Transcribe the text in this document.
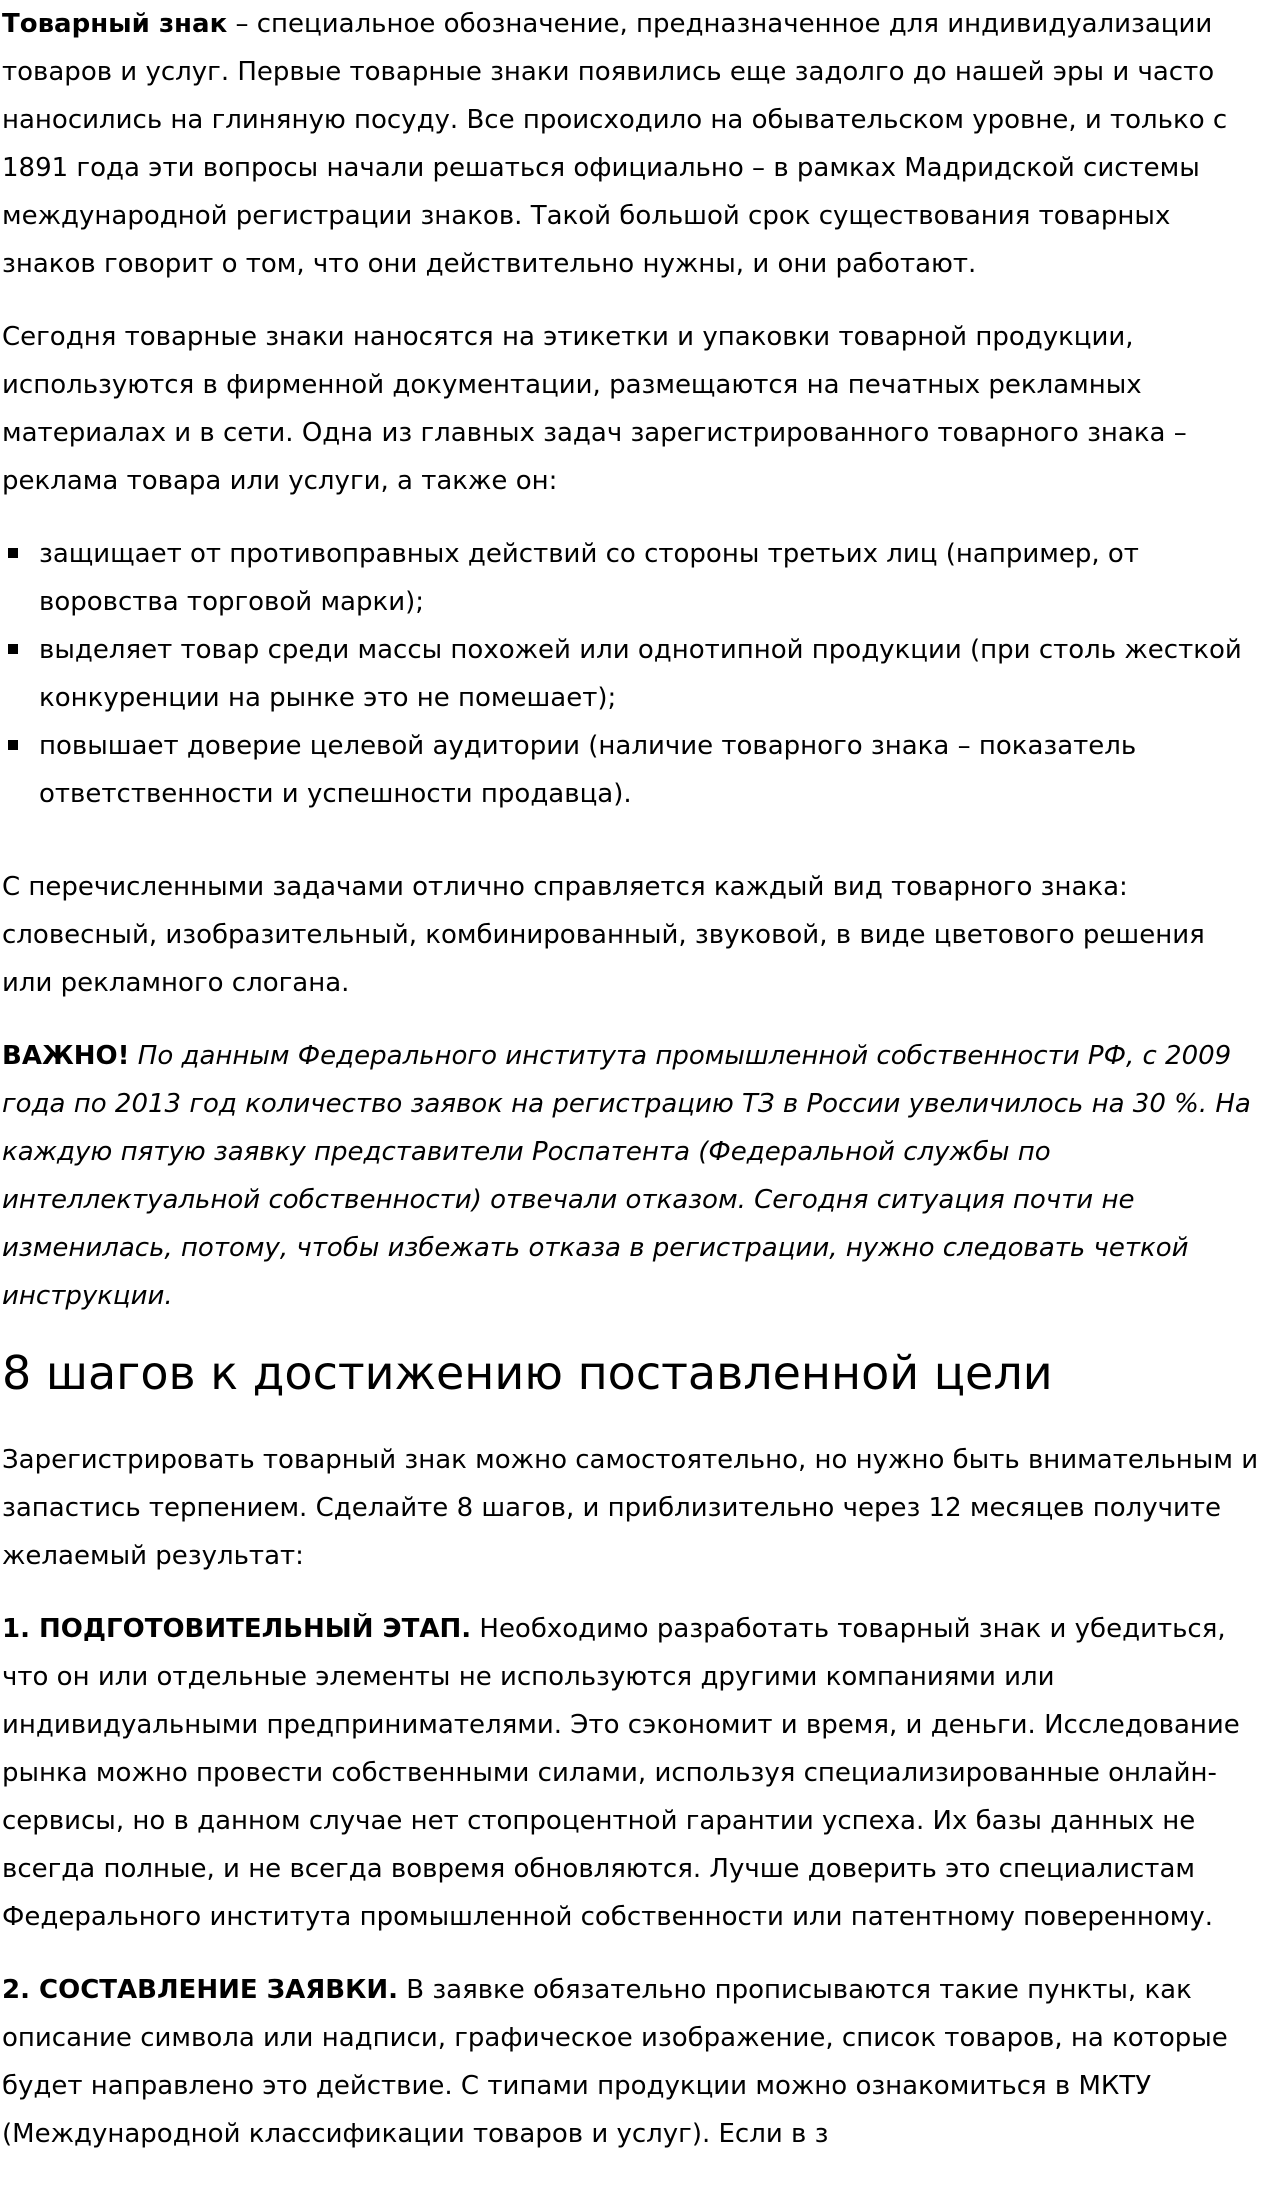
Товарный знак – специальное обозначение, предназначенное для индивидуализации товаров и услуг. Первые товарные знаки появились еще задолго до нашей эры и часто наносились на глиняную посуду. Все происходило на обывательском уровне, и только с 1891 года эти вопросы начали решаться официально – в рамках Мадридской системы международной регистрации знаков. Такой большой срок существования товарных знаков говорит о том, что они действительно нужны, и они работают.

Сегодня товарные знаки наносятся на этикетки и упаковки товарной продукции, используются в фирменной документации, размещаются на печатных рекламных материалах и в сети. Одна из главных задач зарегистрированного товарного знака – реклама товара или услуги, а также он:

защищает от противоправных действий со стороны третьих лиц (например, от воровства торговой марки);
выделяет товар среди массы похожей или однотипной продукции (при столь жесткой конкуренции на рынке это не помешает);
повышает доверие целевой аудитории (наличие товарного знака – показатель ответственности и успешности продавца).

С перечисленными задачами отлично справляется каждый вид товарного знака: словесный, изобразительный, комбинированный, звуковой, в виде цветового решения или рекламного слогана.

ВАЖНО! По данным Федерального института промышленной собственности РФ, с 2009 года по 2013 год количество заявок на регистрацию ТЗ в России увеличилось на 30 %. На каждую пятую заявку представители Роспатента (Федеральной службы по интеллектуальной собственности) отвечали отказом. Сегодня ситуация почти не изменилась, потому, чтобы избежать отказа в регистрации, нужно следовать четкой инструкции.

8 шагов к достижению поставленной цели

Зарегистрировать товарный знак можно самостоятельно, но нужно быть внимательным и запастись терпением. Сделайте 8 шагов, и приблизительно через 12 месяцев получите желаемый результат:

1. ПОДГОТОВИТЕЛЬНЫЙ ЭТАП. Необходимо разработать товарный знак и убедиться, что он или отдельные элементы не используются другими компаниями или индивидуальными предпринимателями. Это сэкономит и время, и деньги. Исследование рынка можно провести собственными силами, используя специализированные онлайн-сервисы, но в данном случае нет стопроцентной гарантии успеха. Их базы данных не всегда полные, и не всегда вовремя обновляются. Лучше доверить это специалистам Федерального института промышленной собственности или патентному поверенному.

2. СОСТАВЛЕНИЕ ЗАЯВКИ. В заявке обязательно прописываются такие пункты, как описание символа или надписи, графическое изображение, список товаров, на которые будет направлено это действие. С типами продукции можно ознакомиться в МКТУ (Международной классификации товаров и услуг). Если в з
